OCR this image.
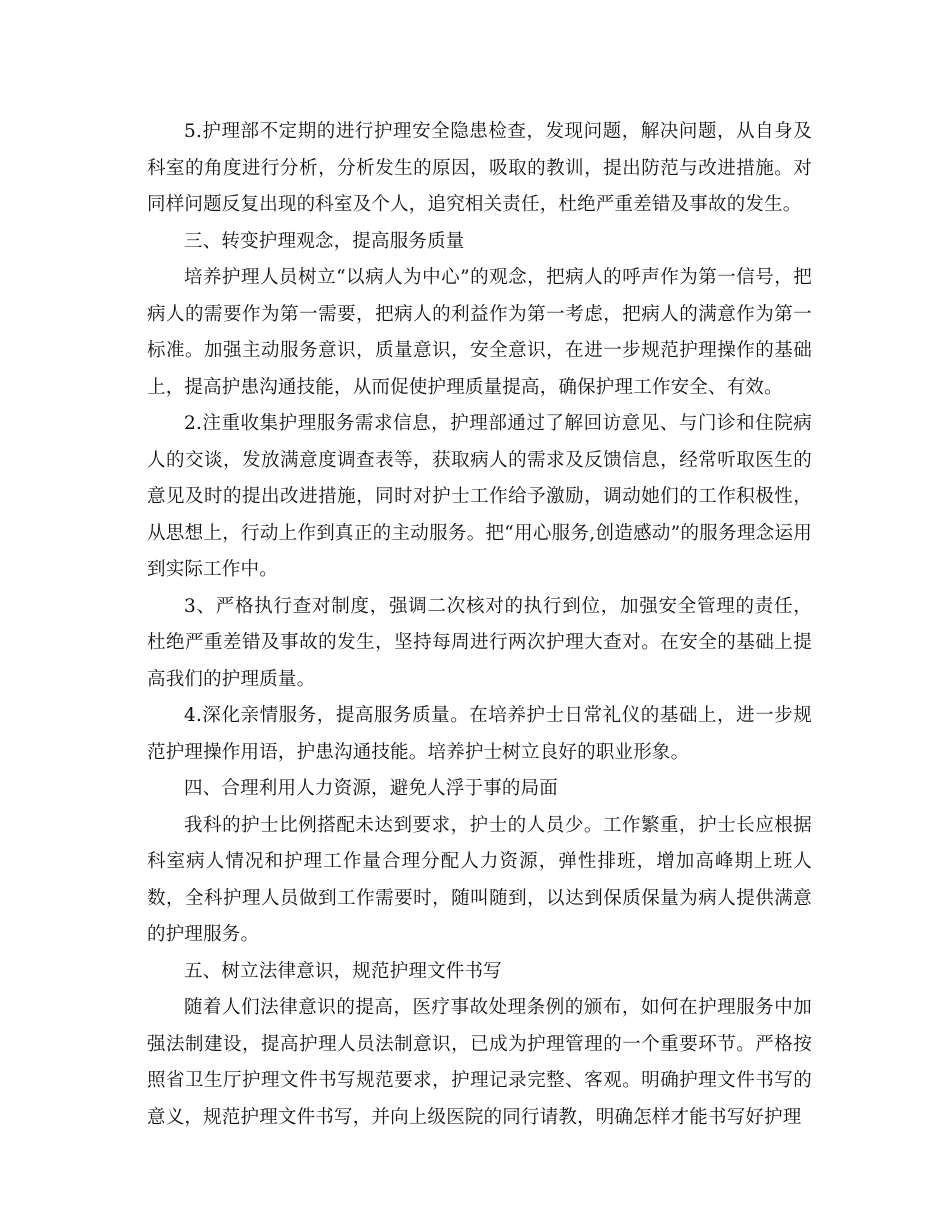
5.护理部不定期的进行护理安全隐患检查，发现问题，解决问题，从自身及科室的角度进行分析，分析发生的原因，吸取的教训，提出防范与改进措施。对同样问题反复出现的科室及个人，追究相关责任，杜绝严重差错及事故的发生。

三、转变护理观念，提高服务质量

培养护理人员树立“以病人为中心”的观念，把病人的呼声作为第一信号，把病人的需要作为第一需要，把病人的利益作为第一考虑，把病人的满意作为第一标准。加强主动服务意识，质量意识，安全意识，在进一步规范护理操作的基础上，提高护患沟通技能，从而促使护理质量提高，确保护理工作安全、有效。

2.注重收集护理服务需求信息，护理部通过了解回访意见、与门诊和住院病人的交谈，发放满意度调查表等，获取病人的需求及反馈信息，经常听取医生的意见及时的提出改进措施，同时对护士工作给予激励，调动她们的工作积极性，从思想上，行动上作到真正的主动服务。把“用心服务,创造感动”的服务理念运用到实际工作中。

3、严格执行查对制度，强调二次核对的执行到位，加强安全管理的责任，杜绝严重差错及事故的发生，坚持每周进行两次护理大查对。在安全的基础上提高我们的护理质量。

4.深化亲情服务，提高服务质量。在培养护士日常礼仪的基础上，进一步规范护理操作用语，护患沟通技能。培养护士树立良好的职业形象。

四、合理利用人力资源，避免人浮于事的局面

我科的护士比例搭配未达到要求，护士的人员少。工作繁重，护士长应根据科室病人情况和护理工作量合理分配人力资源，弹性排班，增加高峰期上班人数，全科护理人员做到工作需要时，随叫随到，以达到保质保量为病人提供满意的护理服务。

五、树立法律意识，规范护理文件书写

随着人们法律意识的提高，医疗事故处理条例的颁布，如何在护理服务中加强法制建设，提高护理人员法制意识，已成为护理管理的一个重要环节。严格按照省卫生厅护理文件书写规范要求，护理记录完整、客观。明确护理文件书写的意义，规范护理文件书写，并向上级医院的同行请教，明确怎样才能书写好护理
